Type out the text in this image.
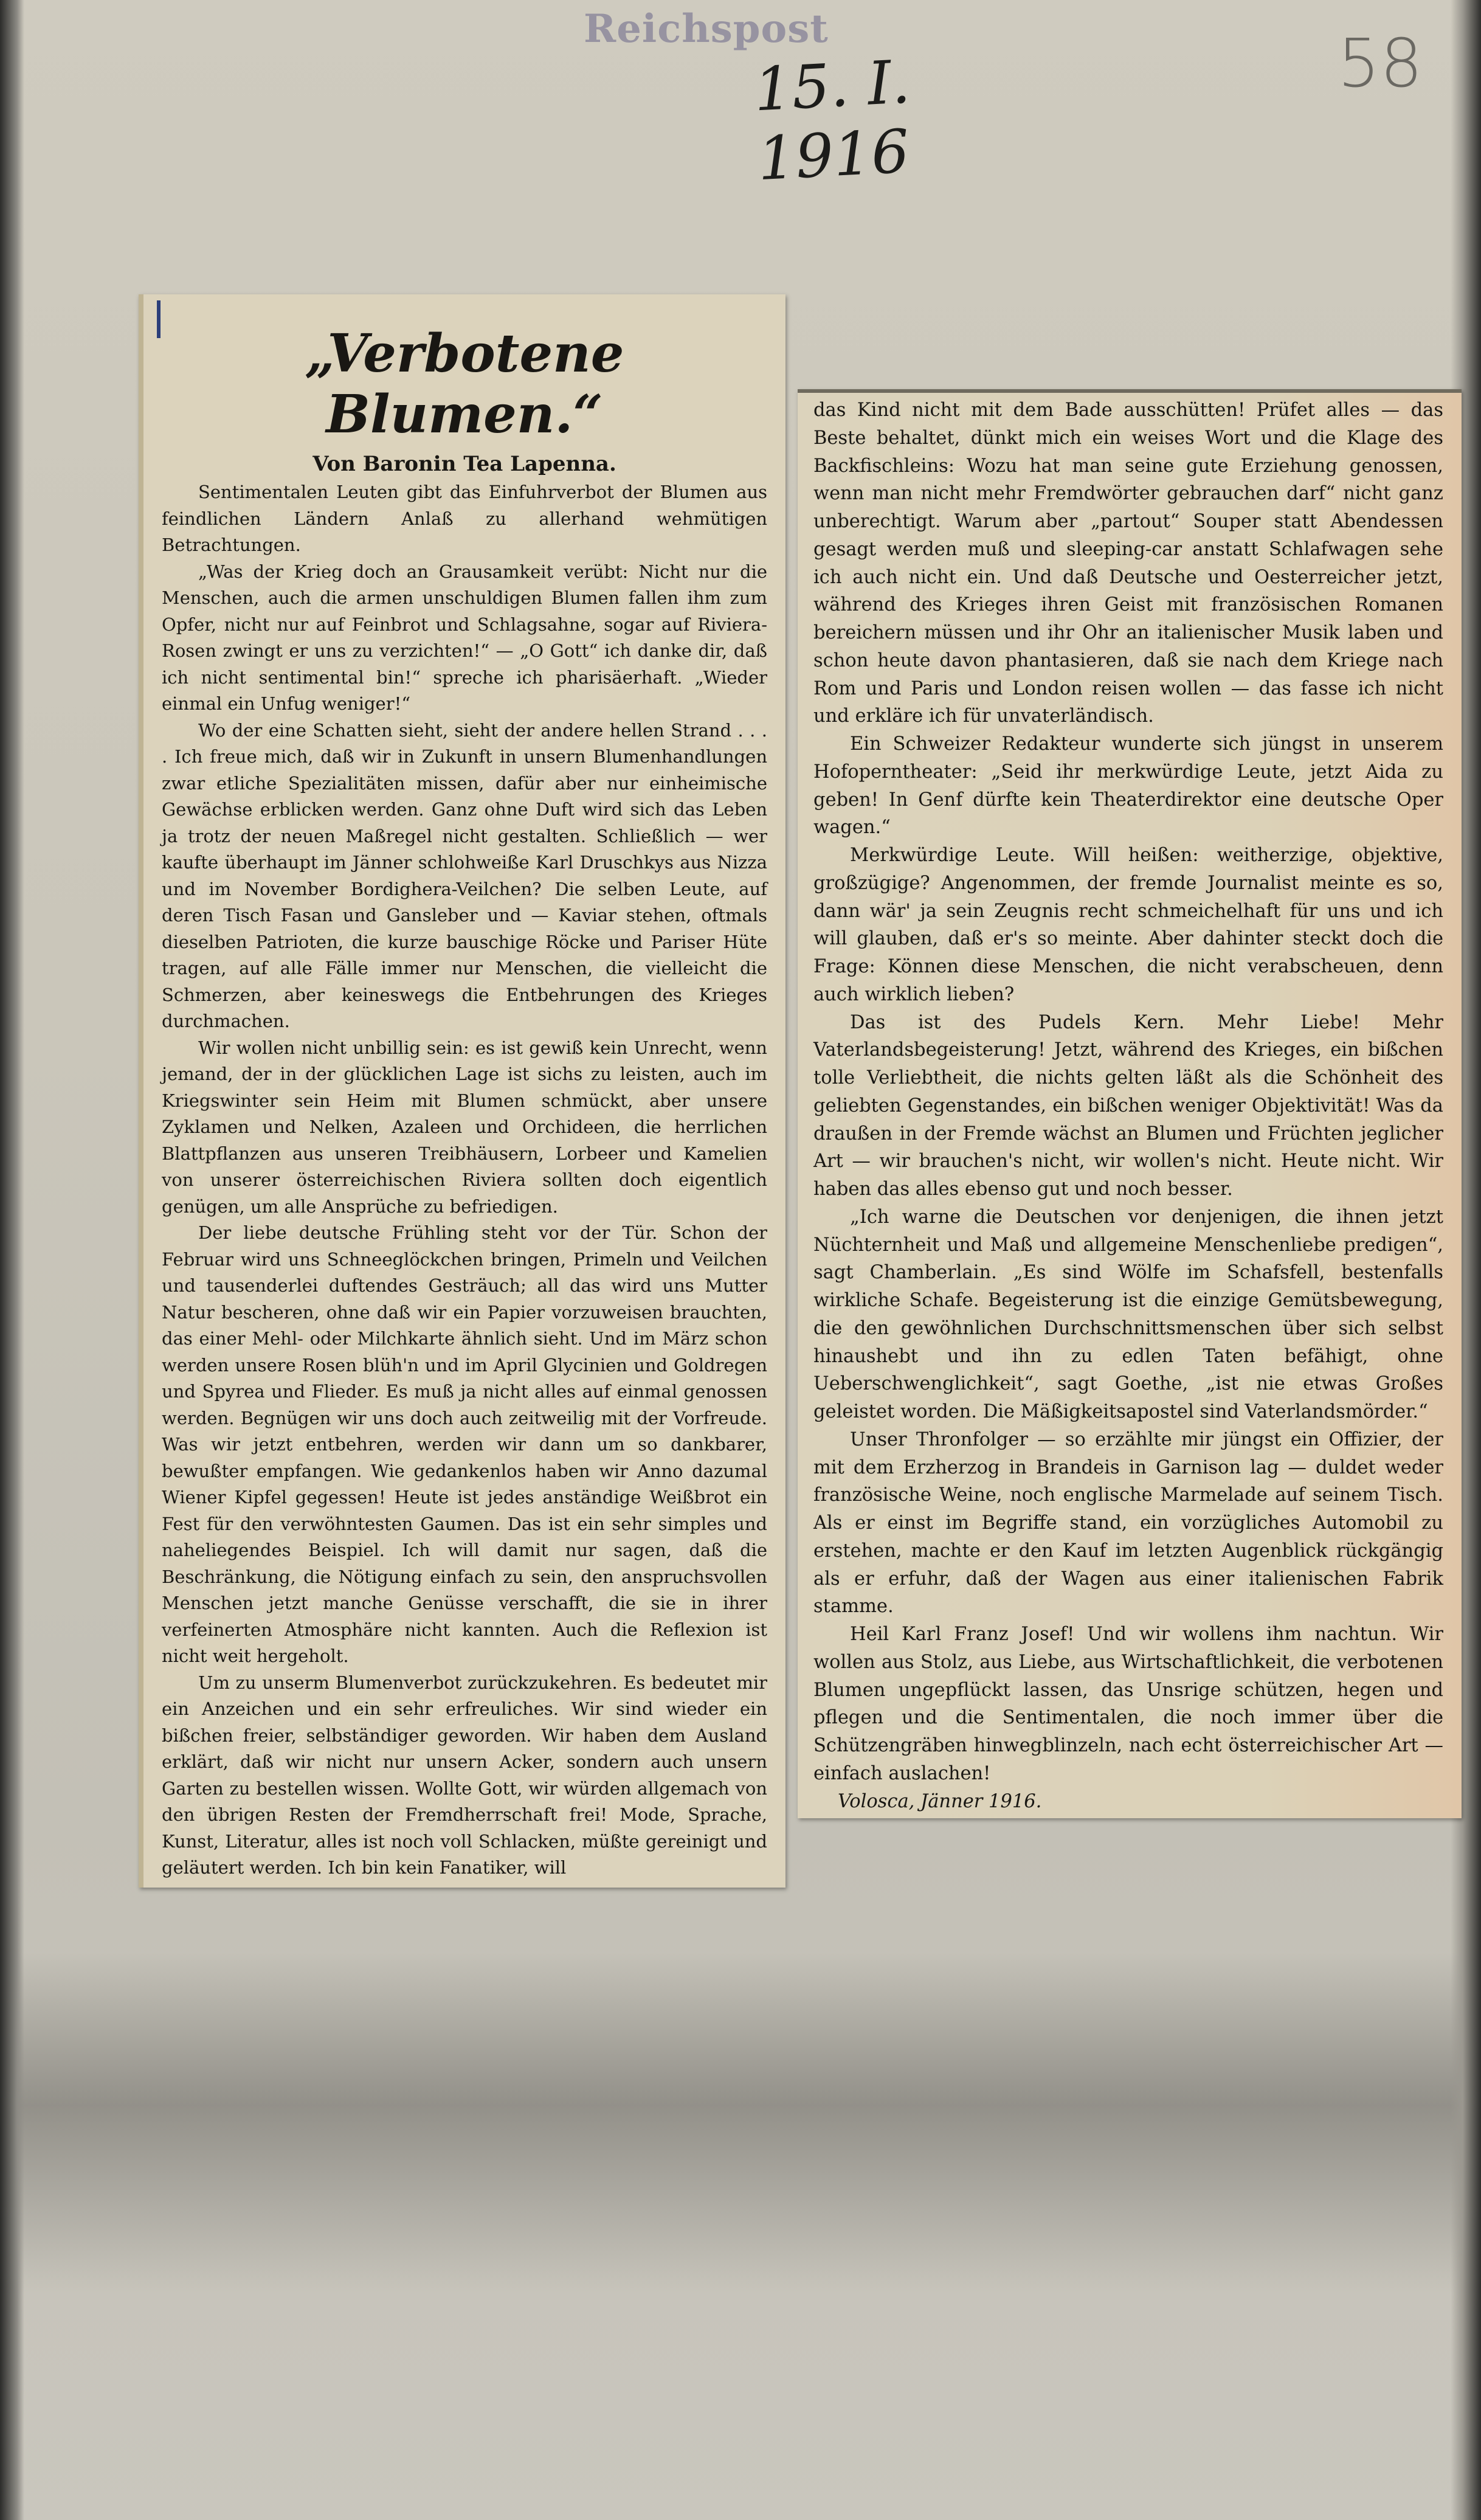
Reichspost
15. I. 1916
58
„Verbotene Blumen.“

Von Baronin Tea Lapenna.

Sentimentalen Leuten gibt das Einfuhrverbot der Blumen aus feindlichen Ländern Anlaß zu allerhand wehmütigen Betrachtungen.

„Was der Krieg doch an Grausamkeit verübt: Nicht nur die Menschen, auch die armen unschuldigen Blumen fallen ihm zum Opfer, nicht nur auf Feinbrot und Schlagsahne, sogar auf Riviera-Rosen zwingt er uns zu verzichten!“ — „O Gott“ ich danke dir, daß ich nicht sentimental bin!“ spreche ich pharisäerhaft. „Wieder einmal ein Unfug weniger!“

Wo der eine Schatten sieht, sieht der andere hellen Strand . . . . Ich freue mich, daß wir in Zukunft in unsern Blumenhandlungen zwar etliche Spezialitäten missen, dafür aber nur einheimische Gewächse erblicken werden. Ganz ohne Duft wird sich das Leben ja trotz der neuen Maßregel nicht gestalten. Schließlich — wer kaufte überhaupt im Jänner schlohweiße Karl Druschkys aus Nizza und im November Bordighera-Veilchen? Die selben Leute, auf deren Tisch Fasan und Gansleber und — Kaviar stehen, oftmals dieselben Patrioten, die kurze bauschige Röcke und Pariser Hüte tragen, auf alle Fälle immer nur Menschen, die vielleicht die Schmerzen, aber keineswegs die Entbehrungen des Krieges durchmachen.

Wir wollen nicht unbillig sein: es ist gewiß kein Unrecht, wenn jemand, der in der glücklichen Lage ist sichs zu leisten, auch im Kriegswinter sein Heim mit Blumen schmückt, aber unsere Zyklamen und Nelken, Azaleen und Orchideen, die herrlichen Blattpflanzen aus unseren Treibhäusern, Lorbeer und Kamelien von unserer österreichischen Riviera sollten doch eigentlich genügen, um alle Ansprüche zu befriedigen.

Der liebe deutsche Frühling steht vor der Tür. Schon der Februar wird uns Schneeglöckchen bringen, Primeln und Veilchen und tausenderlei duftendes Gesträuch; all das wird uns Mutter Natur bescheren, ohne daß wir ein Papier vorzuweisen brauchten, das einer Mehl- oder Milchkarte ähnlich sieht. Und im März schon werden unsere Rosen blüh'n und im April Glycinien und Goldregen und Spyrea und Flieder. Es muß ja nicht alles auf einmal genossen werden. Begnügen wir uns doch auch zeitweilig mit der Vorfreude. Was wir jetzt entbehren, werden wir dann um so dankbarer, bewußter empfangen. Wie gedankenlos haben wir Anno dazumal Wiener Kipfel gegessen! Heute ist jedes anständige Weißbrot ein Fest für den verwöhntesten Gaumen. Das ist ein sehr simples und naheliegendes Beispiel. Ich will damit nur sagen, daß die Beschränkung, die Nötigung einfach zu sein, den anspruchsvollen Menschen jetzt manche Genüsse verschafft, die sie in ihrer verfeinerten Atmosphäre nicht kannten. Auch die Reflexion ist nicht weit hergeholt.

Um zu unserm Blumenverbot zurückzukehren. Es bedeutet mir ein Anzeichen und ein sehr erfreuliches. Wir sind wieder ein bißchen freier, selbständiger geworden. Wir haben dem Ausland erklärt, daß wir nicht nur unsern Acker, sondern auch unsern Garten zu bestellen wissen. Wollte Gott, wir würden allgemach von den übrigen Resten der Fremdherrschaft frei! Mode, Sprache, Kunst, Literatur, alles ist noch voll Schlacken, müßte gereinigt und geläutert werden. Ich bin kein Fanatiker, will

das Kind nicht mit dem Bade ausschütten! Prüfet alles — das Beste behaltet, dünkt mich ein weises Wort und die Klage des Backfischleins: Wozu hat man seine gute Erziehung genossen, wenn man nicht mehr Fremdwörter gebrauchen darf“ nicht ganz unberechtigt. Warum aber „partout“ Souper statt Abendessen gesagt werden muß und sleeping-car anstatt Schlafwagen sehe ich auch nicht ein. Und daß Deutsche und Oesterreicher jetzt, während des Krieges ihren Geist mit französischen Romanen bereichern müssen und ihr Ohr an italienischer Musik laben und schon heute davon phantasieren, daß sie nach dem Kriege nach Rom und Paris und London reisen wollen — das fasse ich nicht und erkläre ich für unvaterländisch.

Ein Schweizer Redakteur wunderte sich jüngst in unserem Hofoperntheater: „Seid ihr merkwürdige Leute, jetzt Aida zu geben! In Genf dürfte kein Theaterdirektor eine deutsche Oper wagen.“

Merkwürdige Leute. Will heißen: weitherzige, objektive, großzügige? Angenommen, der fremde Journalist meinte es so, dann wär' ja sein Zeugnis recht schmeichelhaft für uns und ich will glauben, daß er's so meinte. Aber dahinter steckt doch die Frage: Können diese Menschen, die nicht verabscheuen, denn auch wirklich lieben?

Das ist des Pudels Kern. Mehr Liebe! Mehr Vaterlandsbegeisterung! Jetzt, während des Krieges, ein bißchen tolle Verliebtheit, die nichts gelten läßt als die Schönheit des geliebten Gegenstandes, ein bißchen weniger Objektivität! Was da draußen in der Fremde wächst an Blumen und Früchten jeglicher Art — wir brauchen's nicht, wir wollen's nicht. Heute nicht. Wir haben das alles ebenso gut und noch besser.

„Ich warne die Deutschen vor denjenigen, die ihnen jetzt Nüchternheit und Maß und allgemeine Menschenliebe predigen“, sagt Chamberlain. „Es sind Wölfe im Schafsfell, bestenfalls wirkliche Schafe. Begeisterung ist die einzige Gemütsbewegung, die den gewöhnlichen Durchschnittsmenschen über sich selbst hinaushebt und ihn zu edlen Taten befähigt, ohne Ueberschwenglichkeit“, sagt Goethe, „ist nie etwas Großes geleistet worden. Die Mäßigkeitsapostel sind Vaterlandsmörder.“

Unser Thronfolger — so erzählte mir jüngst ein Offizier, der mit dem Erzherzog in Brandeis in Garnison lag — duldet weder französische Weine, noch englische Marmelade auf seinem Tisch. Als er einst im Begriffe stand, ein vorzügliches Automobil zu erstehen, machte er den Kauf im letzten Augenblick rückgängig als er erfuhr, daß der Wagen aus einer italienischen Fabrik stamme.

Heil Karl Franz Josef! Und wir wollens ihm nachtun. Wir wollen aus Stolz, aus Liebe, aus Wirtschaftlichkeit, die verbotenen Blumen ungepflückt lassen, das Unsrige schützen, hegen und pflegen und die Sentimentalen, die noch immer über die Schützengräben hinwegblinzeln, nach echt österreichischer Art — einfach auslachen!

Volosca, Jänner 1916.
